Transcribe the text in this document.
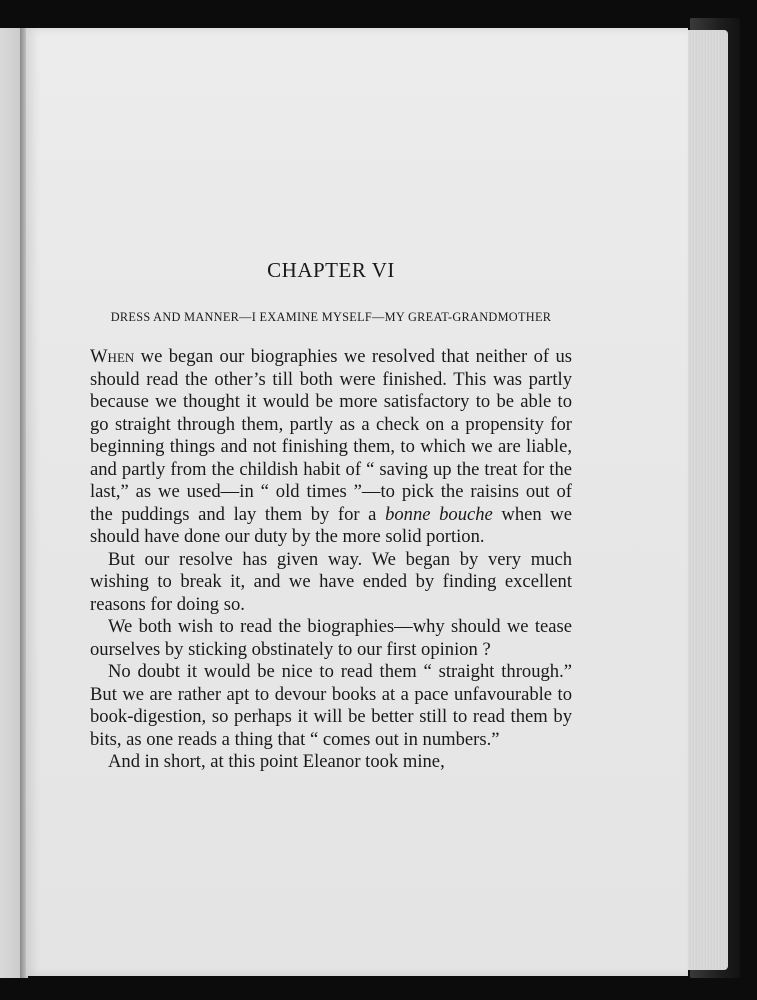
CHAPTER VI
DRESS AND MANNER—I EXAMINE MYSELF—MY GREAT-GRANDMOTHER

When we began our biographies we resolved that neither of us should read the other’s till both were finished. This was partly because we thought it would be more satisfactory to be able to go straight through them, partly as a check on a propensity for beginning things and not finishing them, to which we are liable, and partly from the childish habit of “ saving up the treat for the last,” as we used—in “ old times ”—to pick the raisins out of the puddings and lay them by for a bonne bouche when we should have done our duty by the more solid portion.

But our resolve has given way. We began by very much wishing to break it, and we have ended by finding excellent reasons for doing so.

We both wish to read the biographies—why should we tease ourselves by sticking obstinately to our first opinion ?

No doubt it would be nice to read them “ straight through.” But we are rather apt to devour books at a pace unfavourable to book-digestion, so perhaps it will be better still to read them by bits, as one reads a thing that “ comes out in numbers.”

And in short, at this point Eleanor took mine,
